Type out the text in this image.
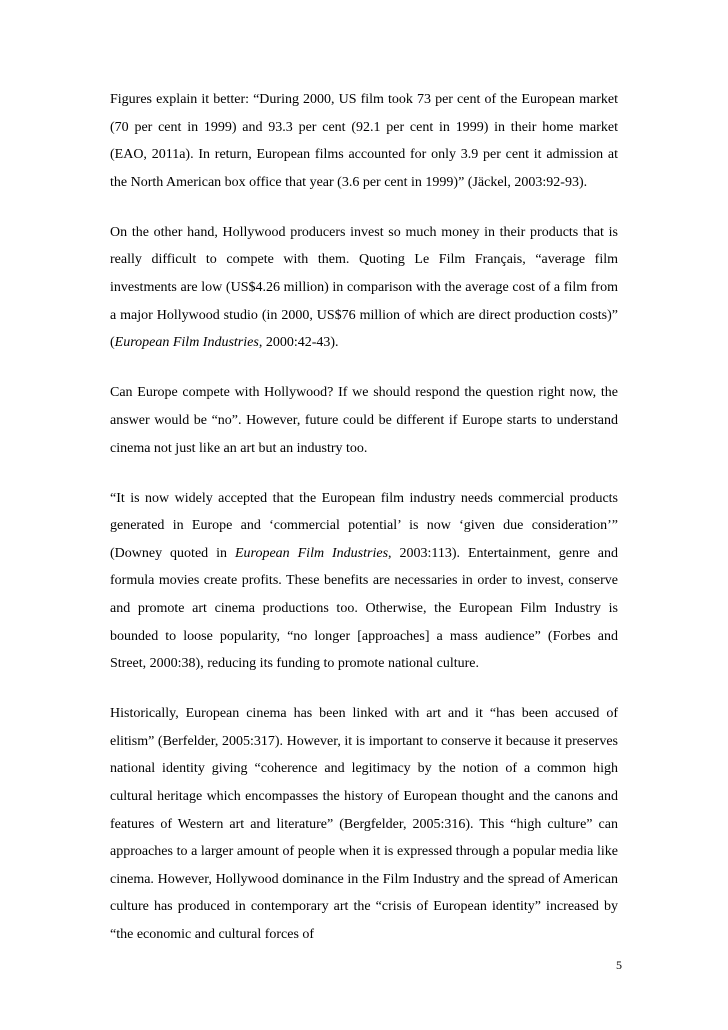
Figures explain it better: “During 2000, US film took 73 per cent of the European market (70 per cent in 1999) and 93.3 per cent (92.1 per cent in 1999) in their home market (EAO, 2011a). In return, European films accounted for only 3.9 per cent it admission at the North American box office that year (3.6 per cent in 1999)” (Jäckel, 2003:92-93).

On the other hand, Hollywood producers invest so much money in their products that is really difficult to compete with them. Quoting Le Film Français, “average film investments are low (US$4.26 million) in comparison with the average cost of a film from a major Hollywood studio (in 2000, US$76 million of which are direct production costs)” (European Film Industries, 2000:42-43).

Can Europe compete with Hollywood? If we should respond the question right now, the answer would be “no”. However, future could be different if Europe starts to understand cinema not just like an art but an industry too.

“It is now widely accepted that the European film industry needs commercial products generated in Europe and ‘commercial potential’ is now ‘given due consideration’” (Downey quoted in European Film Industries, 2003:113). Entertainment, genre and formula movies create profits. These benefits are necessaries in order to invest, conserve and promote art cinema productions too. Otherwise, the European Film Industry is bounded to loose popularity, “no longer [approaches] a mass audience” (Forbes and Street, 2000:38), reducing its funding to promote national culture.

Historically, European cinema has been linked with art and it “has been accused of elitism” (Berfelder, 2005:317). However, it is important to conserve it because it preserves national identity giving “coherence and legitimacy by the notion of a common high cultural heritage which encompasses the history of European thought and the canons and features of Western art and literature” (Bergfelder, 2005:316). This “high culture” can approaches to a larger amount of people when it is expressed through a popular media like cinema. However, Hollywood dominance in the Film Industry and the spread of American culture has produced in contemporary art the “crisis of European identity” increased by “the economic and cultural forces of

5
